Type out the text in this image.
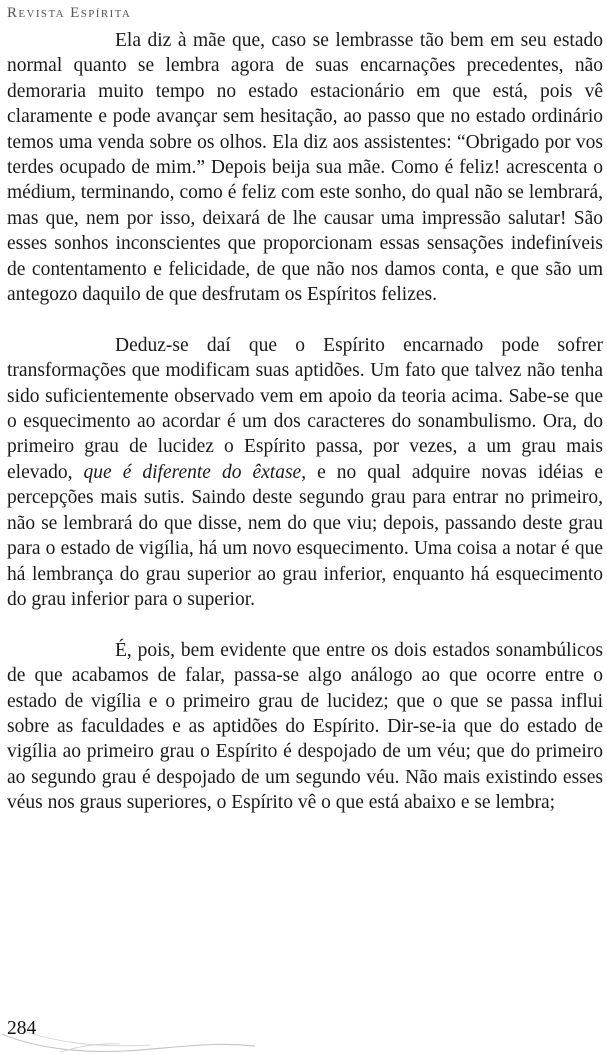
Revista Espírita

Ela diz à mãe que, caso se lembrasse tão bem em seu estado normal quanto se lembra agora de suas encarnações precedentes, não demoraria muito tempo no estado estacionário em que está, pois vê claramente e pode avançar sem hesitação, ao passo que no estado ordinário temos uma venda sobre os olhos. Ela diz aos assistentes: “Obrigado por vos terdes ocupado de mim.” Depois beija sua mãe. Como é feliz! acrescenta o médium, terminando, como é feliz com este sonho, do qual não se lembrará, mas que, nem por isso, deixará de lhe causar uma impressão salutar! São esses sonhos inconscientes que proporcionam essas sensações indefiníveis de contentamento e felicidade, de que não nos damos conta, e que são um antegozo daquilo de que desfrutam os Espíritos felizes.

Deduz-se daí que o Espírito encarnado pode sofrer transformações que modificam suas aptidões. Um fato que talvez não tenha sido suficientemente observado vem em apoio da teoria acima. Sabe-se que o esquecimento ao acordar é um dos caracteres do sonambulismo. Ora, do primeiro grau de lucidez o Espírito passa, por vezes, a um grau mais elevado, que é diferente do êxtase, e no qual adquire novas idéias e percepções mais sutis. Saindo deste segundo grau para entrar no primeiro, não se lembrará do que disse, nem do que viu; depois, passando deste grau para o estado de vigília, há um novo esquecimento. Uma coisa a notar é que há lembrança do grau superior ao grau inferior, enquanto há esquecimento do grau inferior para o superior.

É, pois, bem evidente que entre os dois estados sonambúlicos de que acabamos de falar, passa-se algo análogo ao que ocorre entre o estado de vigília e o primeiro grau de lucidez; que o que se passa influi sobre as faculdades e as aptidões do Espírito. Dir-se-ia que do estado de vigília ao primeiro grau o Espírito é despojado de um véu; que do primeiro ao segundo grau é despojado de um segundo véu. Não mais existindo esses véus nos graus superiores, o Espírito vê o que está abaixo e se lembra;

284
